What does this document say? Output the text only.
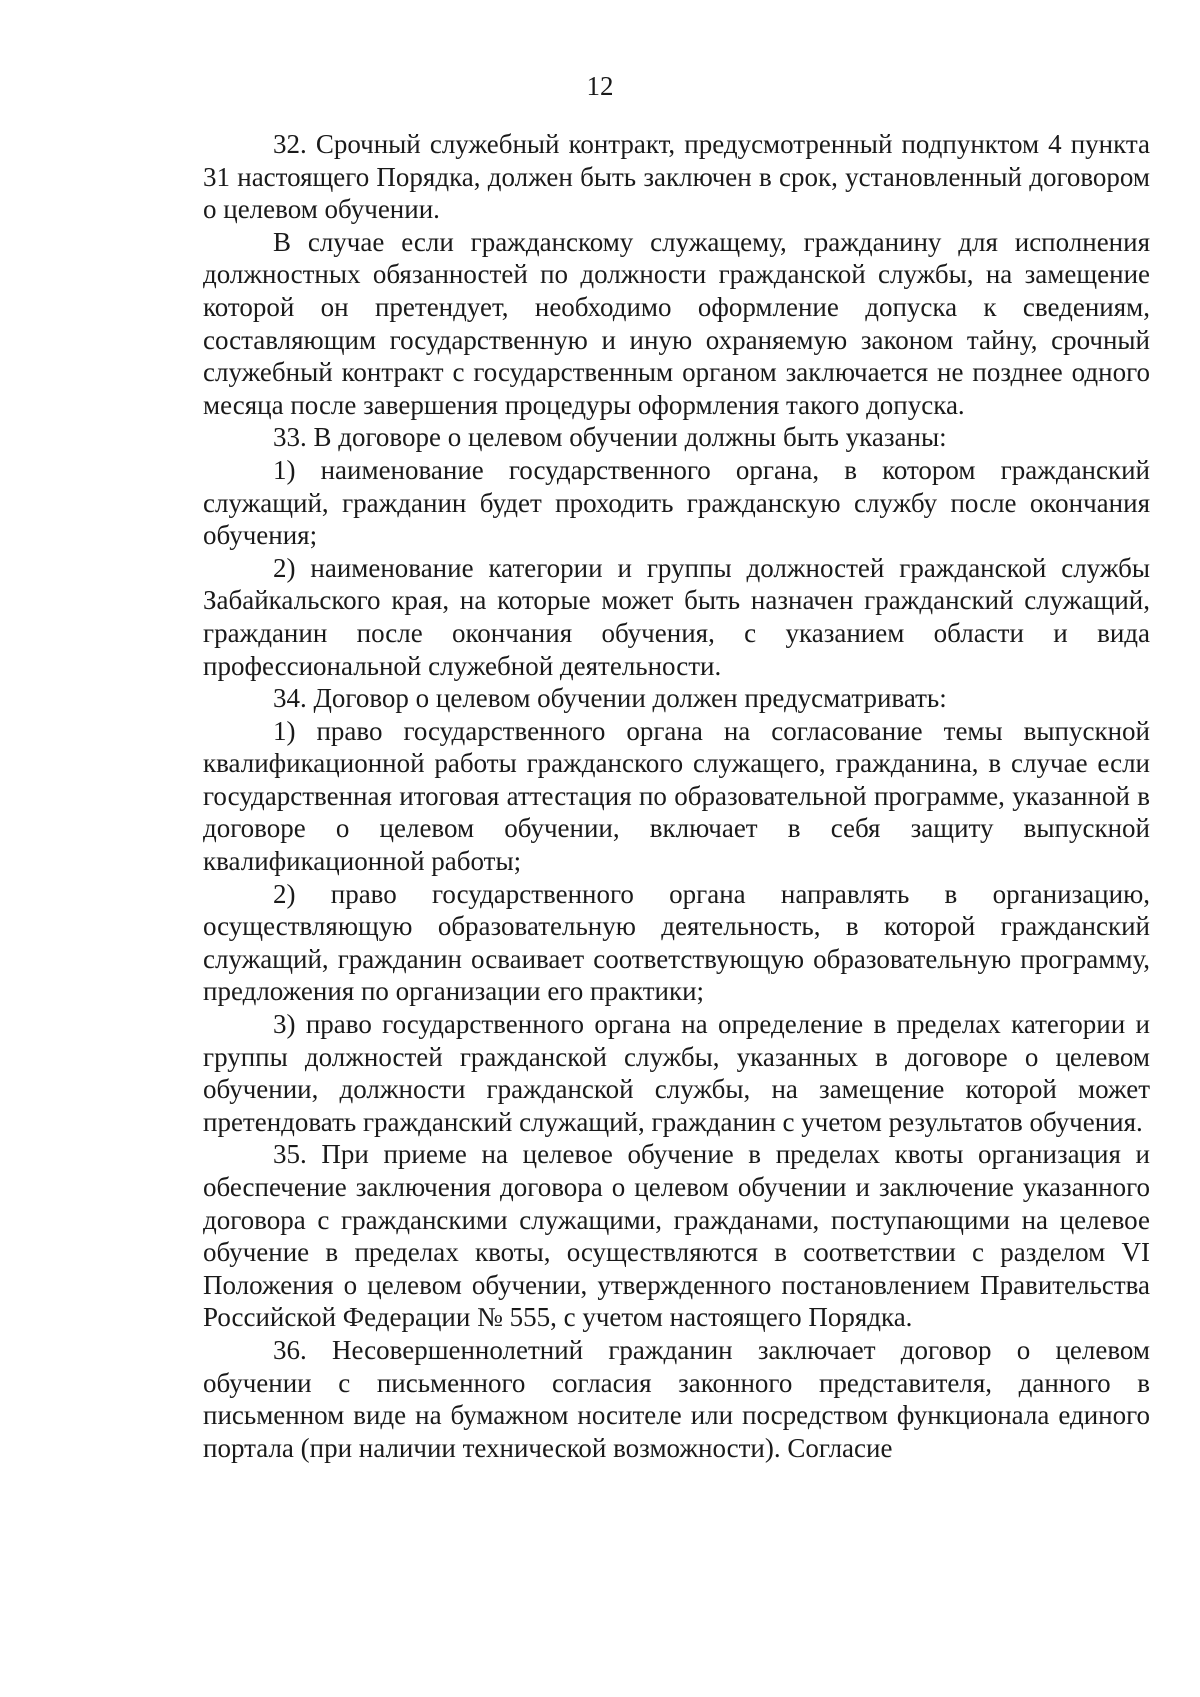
12

32. Срочный служебный контракт, предусмотренный подпунктом 4 пункта 31 настоящего Порядка, должен быть заключен в срок, установленный договором о целевом обучении.

В случае если гражданскому служащему, гражданину для исполнения должностных обязанностей по должности гражданской службы, на замещение которой он претендует, необходимо оформление допуска к сведениям, составляющим государственную и иную охраняемую законом тайну, срочный служебный контракт с государственным органом заключается не позднее одного месяца после завершения процедуры оформления такого допуска.

33. В договоре о целевом обучении должны быть указаны:

1) наименование государственного органа, в котором гражданский служащий, гражданин будет проходить гражданскую службу после окончания обучения;

2) наименование категории и группы должностей гражданской службы Забайкальского края, на которые может быть назначен гражданский служащий, гражданин после окончания обучения, с указанием области и вида профессиональной служебной деятельности.

34. Договор о целевом обучении должен предусматривать:

1) право государственного органа на согласование темы выпускной квалификационной работы гражданского служащего, гражданина, в случае если государственная итоговая аттестация по образовательной программе, указанной в договоре о целевом обучении, включает в себя защиту выпускной квалификационной работы;

2) право государственного органа направлять в организацию, осуществляющую образовательную деятельность, в которой гражданский служащий, гражданин осваивает соответствующую образовательную программу, предложения по организации его практики;

3) право государственного органа на определение в пределах категории и группы должностей гражданской службы, указанных в договоре о целевом обучении, должности гражданской службы, на замещение которой может претендовать гражданский служащий, гражданин с учетом результатов обучения.

35. При приеме на целевое обучение в пределах квоты организация и обеспечение заключения договора о целевом обучении и заключение указанного договора с гражданскими служащими, гражданами, поступающими на целевое обучение в пределах квоты, осуществляются в соответствии с разделом VI Положения о целевом обучении, утвержденного постановлением Правительства Российской Федерации № 555, с учетом настоящего Порядка.

36. Несовершеннолетний гражданин заключает договор о целевом обучении с письменного согласия законного представителя, данного в письменном виде на бумажном носителе или посредством функционала единого портала (при наличии технической возможности). Согласие
